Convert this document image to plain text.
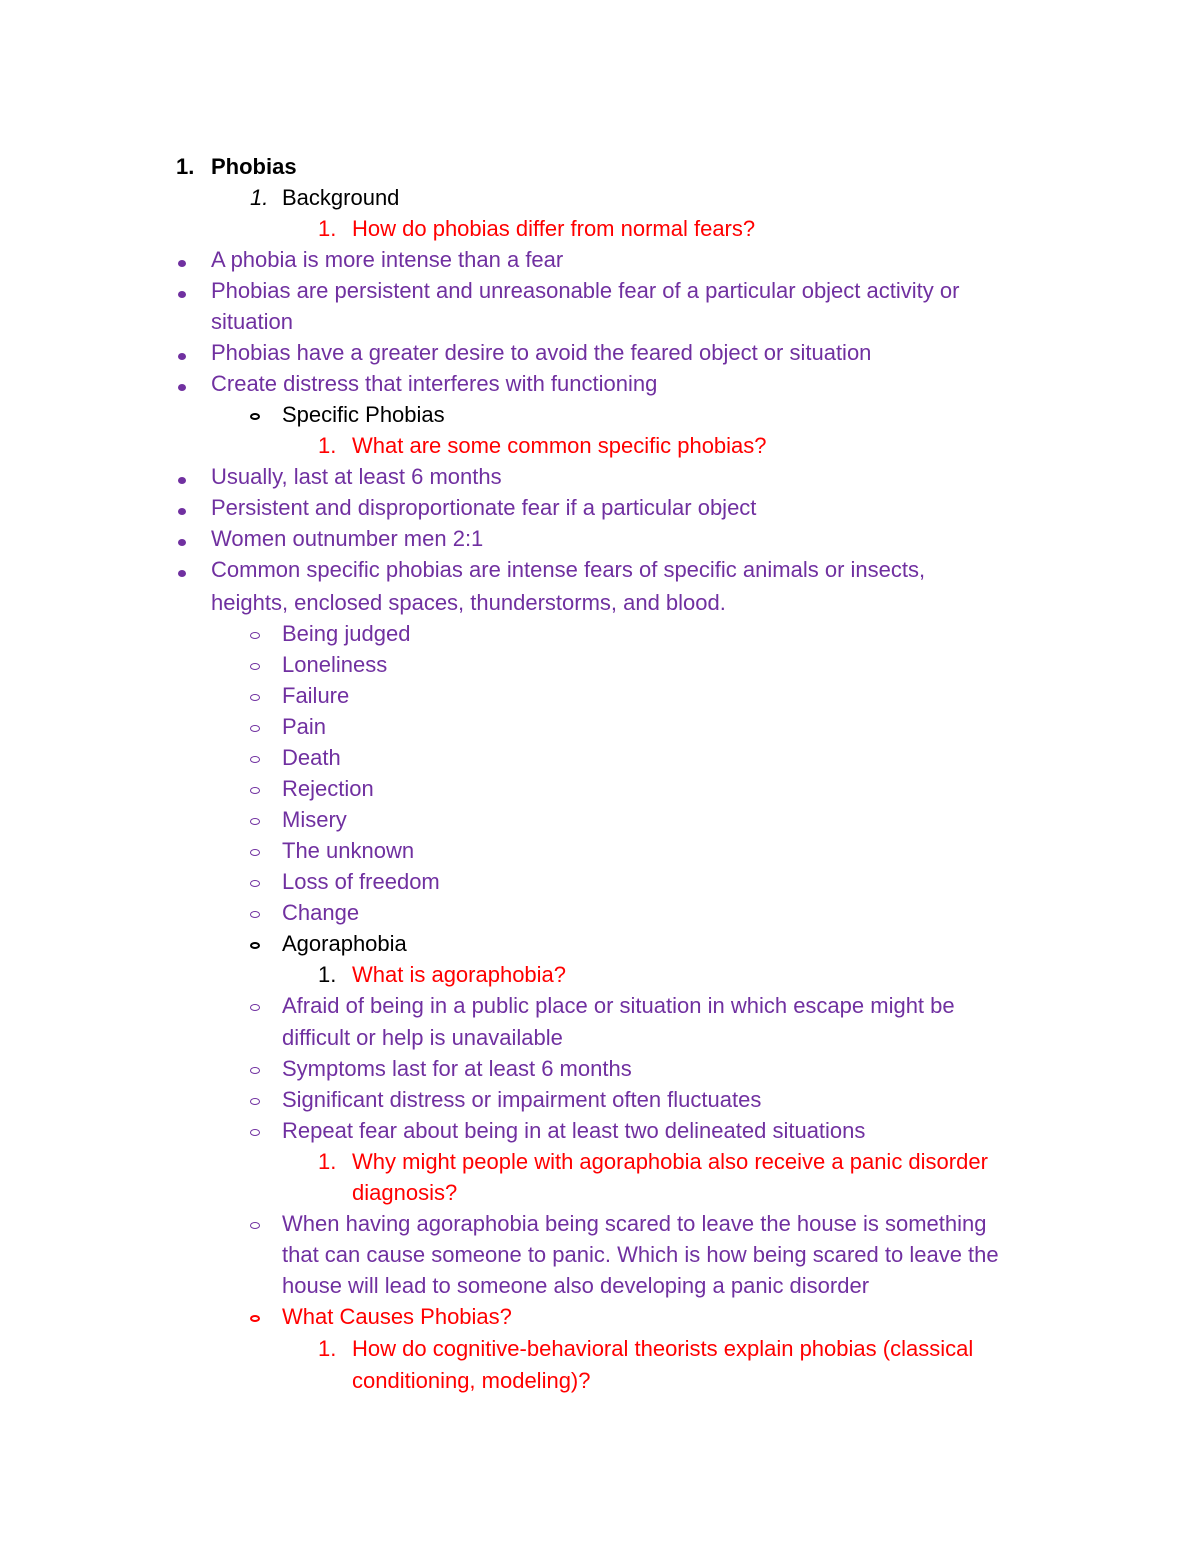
1. Phobias
1. Background
1. How do phobias differ from normal fears?
A phobia is more intense than a fear
Phobias are persistent and unreasonable fear of a particular object activity or
situation
Phobias have a greater desire to avoid the feared object or situation
Create distress that interferes with functioning
Specific Phobias
1. What are some common specific phobias?
Usually, last at least 6 months
Persistent and disproportionate fear if a particular object
Women outnumber men 2:1
Common specific phobias are intense fears of specific animals or insects,
heights, enclosed spaces, thunderstorms, and blood.
Being judged
Loneliness
Failure
Pain
Death
Rejection
Misery
The unknown
Loss of freedom
Change
Agoraphobia
1. What is agoraphobia?
Afraid of being in a public place or situation in which escape might be
difficult or help is unavailable
Symptoms last for at least 6 months
Significant distress or impairment often fluctuates
Repeat fear about being in at least two delineated situations
1. Why might people with agoraphobia also receive a panic disorder
diagnosis?
When having agoraphobia being scared to leave the house is something
that can cause someone to panic. Which is how being scared to leave the
house will lead to someone also developing a panic disorder
What Causes Phobias?
1. How do cognitive-behavioral theorists explain phobias (classical
conditioning, modeling)?
